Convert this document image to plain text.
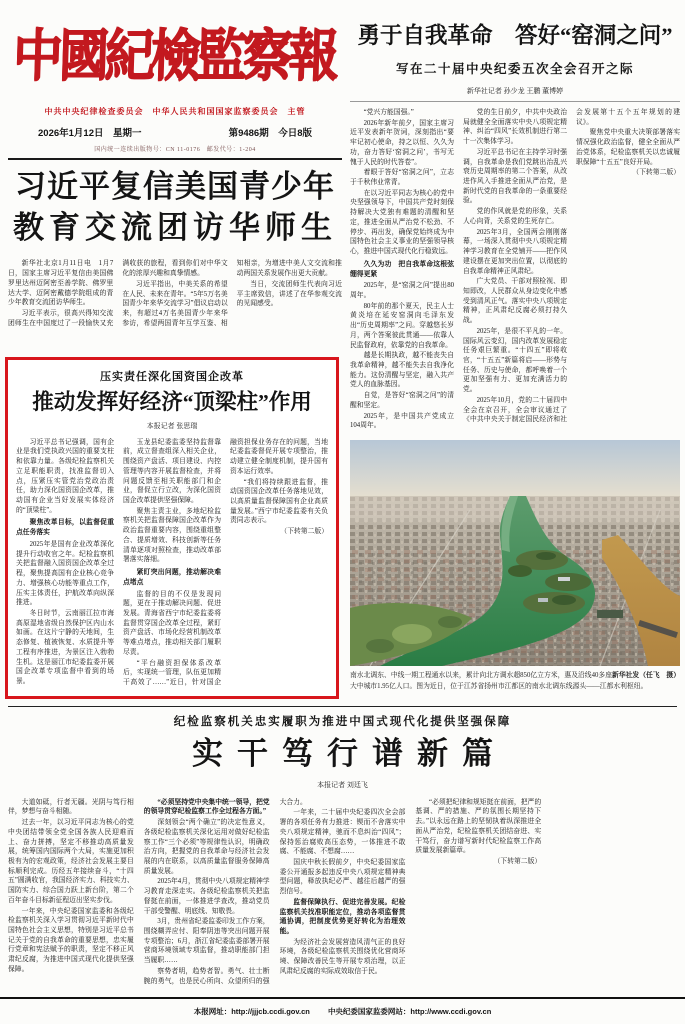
中國紀檢監察報
中共中央纪律检查委员会　中华人民共和国国家监察委员会　主管
2026年1月12日　星期一	第9486期　今日8版
国内统一连续出版物号：CN 11-0176　邮发代号：1-204
习近平复信美国青少年
教育交流团访华师生

新华社北京1月11日电　1月7日，国家主席习近平复信由美国佛罗里达州迈阿密至善学院、佛罗里达大学、迈阿密戴德学院组成的青少年教育交流团访华师生。

习近平表示，很高兴得知交流团师生在中国度过了一段愉快又充满收获的旅程，看到你们对中华文化的浓厚兴趣和真挚情感。

习近平指出，中美关系的希望在人民、未来在青年。“5年5万名美国青少年来华交流学习”倡议启动以来，有超过4万名美国青少年来华参访，希望两国青年互学互鉴、相知相亲，为增进中美人文交流和推动两国关系发展作出更大贡献。

当日，交流团师生代表向习近平主席致信，讲述了在华参观交流的见闻感受。

压实责任深化国资国企改革
推动发挥好经济“顶梁柱”作用
本报记者 张思瑞

习近平总书记强调，国有企业是我们党执政兴国的重要支柱和依靠力量。各级纪检监察机关立足职能职责，找准监督切入点，压紧压实管党治党政治责任，助力深化国资国企改革，推动国有企业当好发展实体经济的“顶梁柱”。

聚焦改革目标，以监督促重点任务落实

2025年是国有企业改革深化提升行动收官之年。纪检监察机关把监督融入国资国企改革全过程，聚焦提高国有企业核心竞争力、增强核心功能等重点工作，压实主体责任，护航改革向纵深推进。

冬日时节，云南丽江拉市海高原湿地省级自然保护区内山水如画。在这片宁静的天地间，生态修复、植被恢复、水质提升等工程有序推进，为景区注入勃勃生机。这是丽江市纪委监委开展国企改革专项监督中看到的场景。

玉龙县纪委监委坚持监督靠前，成立督查组深入相关企业，围绕资产盘活、项目建设、内控管理等内容开展监督检查，并将问题反馈至相关职能部门和企业，督促立行立改，为深化国资国企改革提供坚强保障。

聚焦主责主业，多地纪检监察机关把监督保障国企改革作为政治监督重要内容，围绕重组整合、提质增效、科技创新等任务清单逐项对照检查，推动改革部署落实落细。

紧盯突出问题，推动解决难点堵点

监督的目的不仅是发现问题，更在于推动解决问题、促进发展。青海省西宁市纪委监委将监督贯穿国企改革全过程，紧盯资产盘活、市场化经营机制改革等难点堵点，推动相关部门履职尽责。

“平台融资担保体系改革后，实现统一管理，队伍更加精干高效了……”近日，针对国企融资担保业务存在的问题，当地纪委监委督促开展专项整治，推动建立健全制度机制，提升国有资本运行效率。

“我们将持续跟进监督，推动国资国企改革任务落地见效，以高质量监督保障国有企业高质量发展。”西宁市纪委监委有关负责同志表示。

（下转第二版）

勇于自我革命　答好“窑洞之问”
写在二十届中央纪委五次全会召开之际
新华社记者 孙少龙 王鹏 董博婷

“党兴方能国强。”

2026年新年前夕，国家主席习近平发表新年贺词，深刻指出“要牢记初心使命，持之以恒、久久为功，奋力答好‘窑洞之问’，书写无愧于人民的时代答卷”。

着眼于答好“窑洞之问”，立志于千秋伟业常青。

在以习近平同志为核心的党中央坚强领导下，中国共产党时刻保持解决大党独有难题的清醒和坚定，推进全面从严治党不松劲、不停步、再出发，确保党始终成为中国特色社会主义事业的坚强领导核心，推进中国式现代化行稳致远。

久久为功　把自我革命这根弦绷得更紧

2025年，是“窑洞之问”提出80周年。

80年前的那个夏天，民主人士黄炎培在延安窑洞向毛泽东发出“历史周期率”之问。穿越悠长岁月，两个答案彼此贯通——依靠人民监督政府，依靠党的自我革命。

越是长期执政，越不能丧失自我革命精神，越不能失去自我净化能力。这份清醒与坚定，融入共产党人的血脉基因。

自觉，是答好“窑洞之问”的清醒和坚定。

2025年，是中国共产党成立104周年。

党的生日前夕，中共中央政治局就健全全面落实中央八项规定精神、纠治“四风”长效机制进行第二十一次集体学习。

习近平总书记在主持学习时强调，自我革命是我们党跳出治乱兴衰历史周期率的第二个答案，从改进作风入手推进全面从严治党，是新时代党的自我革命的一条重要经验。

党的作风就是党的形象，关系人心向背，关系党的生死存亡。

2025年3月，全国两会刚刚落幕，一场深入贯彻中央八项规定精神学习教育在全党铺开——把作风建设摆在更加突出位置，以彻底的自我革命精神正风肃纪。

广大党员、干部对照检视、即知即改，人民群众从身边变化中感受到清风正气。落实中央八项规定精神，正风肃纪反腐必须打持久战。

2025年，是很不平凡的一年。国际风云变幻，国内改革发展稳定任务艰巨繁重。“十四五”即将收官，“十五五”新篇将启——形势与任务、历史与使命，都呼唤着一个更加坚强有力、更加充满活力的党。

2025年10月，党的二十届四中全会在京召开，全会审议通过了《中共中央关于制定国民经济和社会发展第十五个五年规划的建议》。

聚焦党中央重大决策部署落实情况强化政治监督，健全全面从严治党体系，纪检监察机关以忠诚履职保障“十五五”良好开局。

（下转第二版）

新华社发（任飞　摄）
南水北调东、中线一期工程通水以来，累计向北方调水超850亿立方米，惠及沿线40多座大中城市1.95亿人口。图为近日，位于江苏省扬州市江都区的南水北调东线源头——江都水利枢纽。
纪检监察机关忠实履职为推进中国式现代化提供坚强保障
实干笃行谱新篇
本报记者 刘廷飞

大道如砥，行者无疆。光阴与笃行相伴，梦想与奋斗相随。

过去一年，以习近平同志为核心的党中央团结带领全党全国各族人民迎难而上、奋力拼搏，坚定不移推动高质量发展，统筹国内国际两个大局，实施更加积极有为的宏观政策，经济社会发展主要目标顺利完成。历经五年接续奋斗，“十四五”圆满收官，我国经济实力、科技实力、国防实力、综合国力跃上新台阶，第二个百年奋斗目标新征程迈出坚实步伐。

一年来，中央纪委国家监委和各级纪检监察机关深入学习贯彻习近平新时代中国特色社会主义思想，特别是习近平总书记关于党的自我革命的重要思想，忠实履行党章和宪法赋予的职责，坚定不移正风肃纪反腐，为推进中国式现代化提供坚强保障。

“必须坚持党中央集中统一领导，把党的领导贯穿纪检监察工作全过程各方面。”

深刻领会“两个确立”的决定性意义，各级纪检监察机关深化运用对做好纪检监察工作“三个必须”等规律性认识，明确政治方向，把握党的自我革命与经济社会发展的内在联系，以高质量监督服务保障高质量发展。

2025年4月，贯彻中央八项规定精神学习教育走深走实。各级纪检监察机关把监督挺在前面，一体推进学查改，推动党员干部受警醒、明底线、知敬畏。

3月，贵州省纪委监委印发工作方案，围绕糊弄应付、阳奉阴违等突出问题开展专项整治；6月，浙江省纪委监委部署开展营商环境领域专项监督，推动职能部门担当履职……

察势者明，趋势者智。勇气、壮士断腕的勇气，也是民心所向、众望所归的强大合力。

一年来，二十届中央纪委四次全会部署的各项任务有力推进：锲而不舍落实中央八项规定精神，驰而不息纠治“四风”；保持惩治腐败高压态势，一体推进不敢腐、不能腐、不想腐……

国庆中秋长假前夕，中央纪委国家监委公开通报多起违反中央八项规定精神典型问题，释放执纪必严、越往后越严的强烈信号。

监督保障执行、促进完善发展。纪检监察机关找准职能定位，推动各项监督贯通协调，把制度优势更好转化为治理效能。

为经济社会发展营造风清气正的良好环境，各级纪检监察机关围绕优化营商环境、保障改善民生等开展专项治理，以正风肃纪反腐的实际成效取信于民。

“必须把纪律和规矩挺在前面，把严的基调、严的措施、严的氛围长期坚持下去。”以永远在路上的坚韧执着纵深推进全面从严治党，纪检监察机关团结奋进、实干笃行，奋力谱写新时代纪检监察工作高质量发展新篇章。

（下转第二版）

本报网址：http://jjjcb.ccdi.gov.cn 中央纪委国家监委网站：http://www.ccdi.gov.cn
